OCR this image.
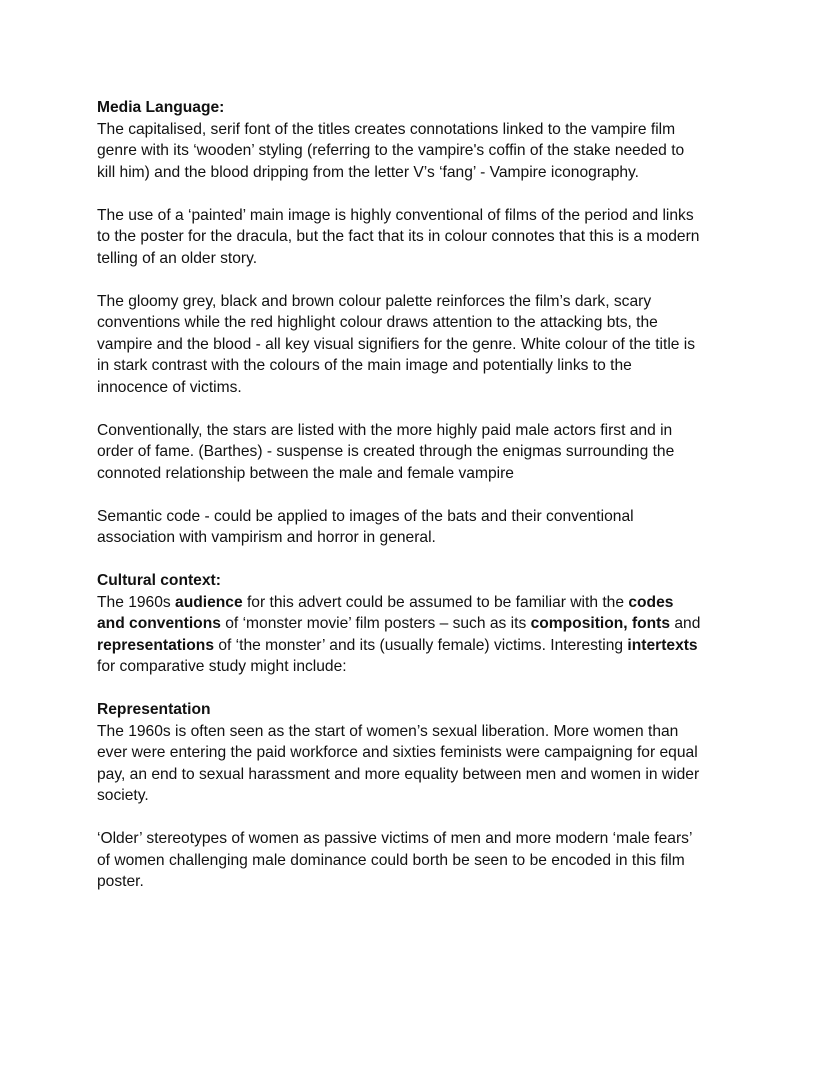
Media Language:
The capitalised, serif font of the titles creates connotations linked to the vampire film
genre with its ‘wooden’ styling (referring to the vampire's coffin of the stake needed to
kill him) and the blood dripping from the letter V’s ‘fang’ - Vampire iconography.
The use of a ‘painted’ main image is highly conventional of films of the period and links
to the poster for the dracula, but the fact that its in colour connotes that this is a modern
telling of an older story.
The gloomy grey, black and brown colour palette reinforces the film’s dark, scary
conventions while the red highlight colour draws attention to the attacking bts, the
vampire and the blood - all key visual signifiers for the genre. White colour of the title is
in stark contrast with the colours of the main image and potentially links to the
innocence of victims.
Conventionally, the stars are listed with the more highly paid male actors first and in
order of fame. (Barthes) - suspense is created through the enigmas surrounding the
connoted relationship between the male and female vampire
Semantic code - could be applied to images of the bats and their conventional
association with vampirism and horror in general.
Cultural context:
The 1960s audience for this advert could be assumed to be familiar with the codes
and conventions of ‘monster movie’ film posters – such as its composition, fonts and
representations of ‘the monster’ and its (usually female) victims. Interesting intertexts
for comparative study might include:
Representation
The 1960s is often seen as the start of women’s sexual liberation. More women than
ever were entering the paid workforce and sixties feminists were campaigning for equal
pay, an end to sexual harassment and more equality between men and women in wider
society.
‘Older’ stereotypes of women as passive victims of men and more modern ‘male fears’
of women challenging male dominance could borth be seen to be encoded in this film
poster.
